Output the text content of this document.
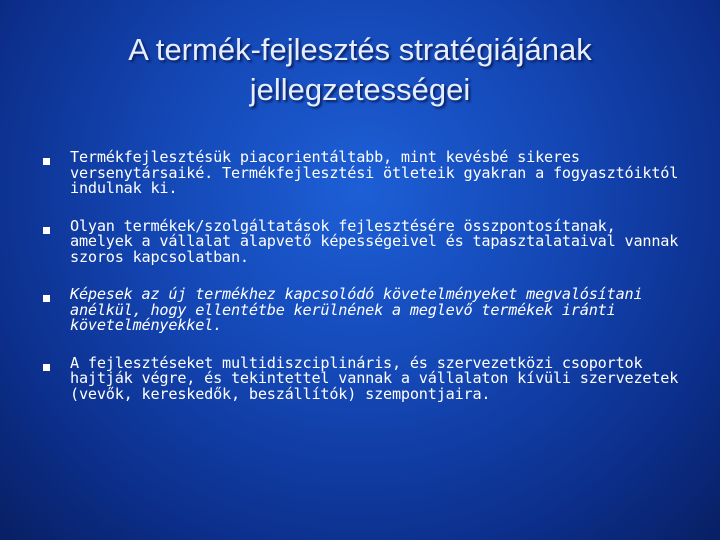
A termék-fejlesztés stratégiájának jellegzetességei
Termékfejlesztésük piacorientáltabb, mint kevésbé sikeres versenytársaiké. Termékfejlesztési ötleteik gyakran a fogyasztóiktól indulnak ki.
Olyan termékek/szolgáltatások fejlesztésére összpontosítanak, amelyek a vállalat alapvető képességeivel és tapasztalataival vannak szoros kapcsolatban.
Képesek az új termékhez kapcsolódó követelményeket megvalósítani anélkül, hogy ellentétbe kerülnének a meglevő termékek iránti követelményekkel.
A fejlesztéseket multidiszciplináris, és szervezetközi csoportok hajtják végre, és tekintettel vannak a vállalaton kívüli szervezetek (vevők, kereskedők, beszállítók) szempontjaira.
